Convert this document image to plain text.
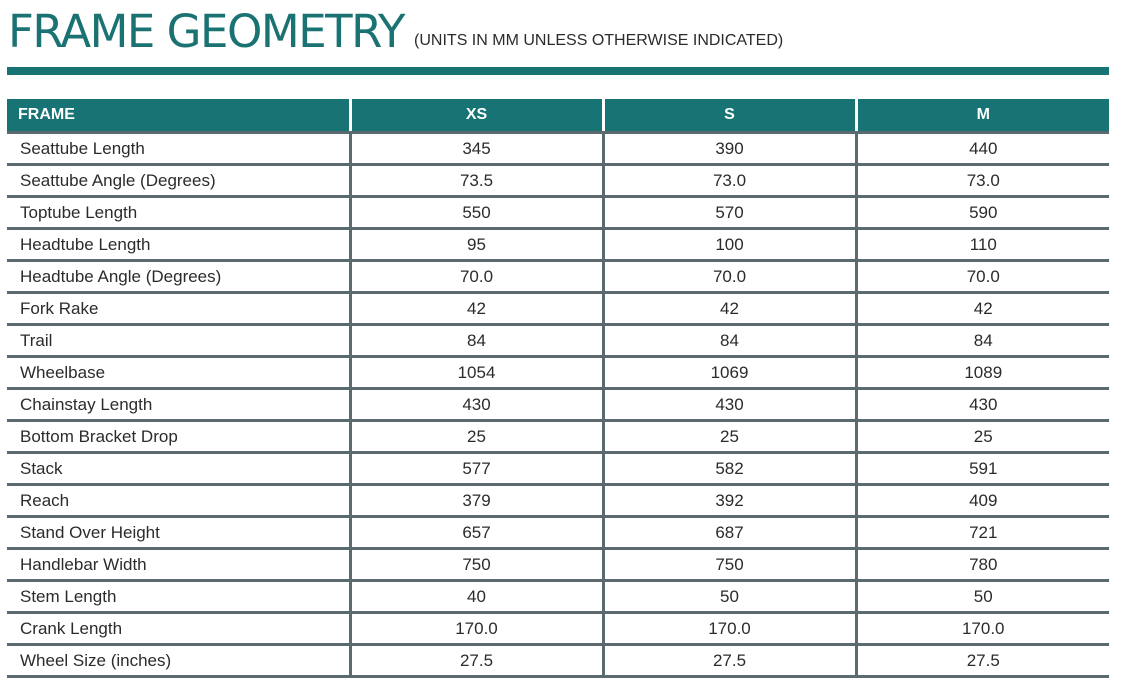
FRAME GEOMETRY (UNITS IN MM UNLESS OTHERWISE INDICATED)
FRAME	XS	S	M
Seattube Length	345	390	440
Seattube Angle (Degrees)	73.5	73.0	73.0
Toptube Length	550	570	590
Headtube Length	95	100	110
Headtube Angle (Degrees)	70.0	70.0	70.0
Fork Rake	42	42	42
Trail	84	84	84
Wheelbase	1054	1069	1089
Chainstay Length	430	430	430
Bottom Bracket Drop	25	25	25
Stack	577	582	591
Reach	379	392	409
Stand Over Height	657	687	721
Handlebar Width	750	750	780
Stem Length	40	50	50
Crank Length	170.0	170.0	170.0
Wheel Size (inches)	27.5	27.5	27.5
